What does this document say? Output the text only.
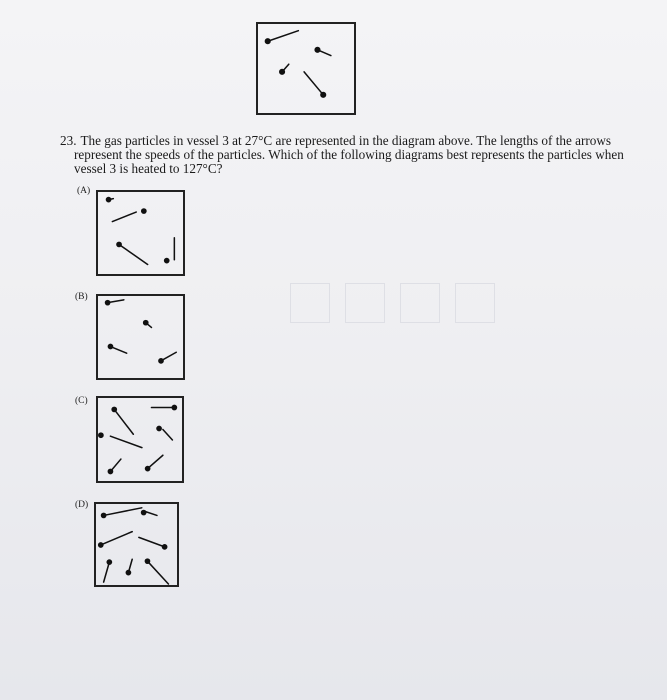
23. The gas particles in vessel 3 at 27°C are represented in the diagram above. The lengths of the arrows represent the speeds of the particles. Which of the following diagrams best represents the particles when vessel 3 is heated to 127°C?

(A)
(B)
(C)
(D)
